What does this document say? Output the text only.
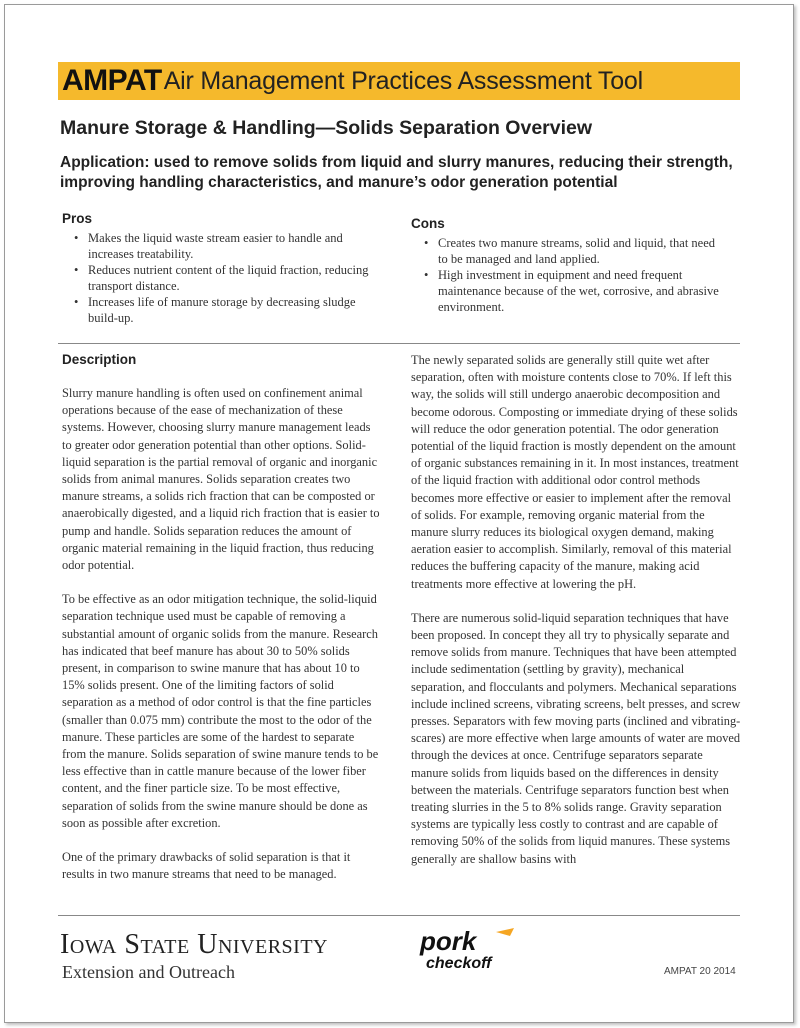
AMPAT Air Management Practices Assessment Tool
Manure Storage & Handling—Solids Separation Overview
Application: used to remove solids from liquid and slurry manures, reducing their strength, improving handling characteristics, and manure’s odor generation potential
Pros
• Makes the liquid waste stream easier to handle and increases treatability.
• Reduces nutrient content of the liquid fraction, reducing transport distance.
• Increases life of manure storage by decreasing sludge build-up.
Cons
• Creates two manure streams, solid and liquid, that need to be managed and land applied.
• High investment in equipment and need frequent maintenance because of the wet, corrosive, and abrasive environment.
Description

Slurry manure handling is often used on confinement animal operations because of the ease of mechanization of these systems. However, choosing slurry manure management leads to greater odor generation potential than other options. Solid-liquid separation is the partial removal of organic and inorganic solids from animal manures. Solids separation creates two manure streams, a solids rich fraction that can be composted or anaerobically digested, and a liquid rich fraction that is easier to pump and handle. Solids separation reduces the amount of organic material remaining in the liquid fraction, thus reducing odor potential.

To be effective as an odor mitigation technique, the solid-liquid separation technique used must be capable of removing a substantial amount of organic solids from the manure. Research has indicated that beef manure has about 30 to 50% solids present, in comparison to swine manure that has about 10 to 15% solids present. One of the limiting factors of solid separation as a method of odor control is that the fine particles (smaller than 0.075 mm) contribute the most to the odor of the manure. These particles are some of the hardest to separate from the manure. Solids separation of swine manure tends to be less effective than in cattle manure because of the lower fiber content, and the finer particle size. To be most effective, separation of solids from the swine manure should be done as soon as possible after excretion.

One of the primary drawbacks of solid separation is that it results in two manure streams that need to be managed.

The newly separated solids are generally still quite wet after separation, often with moisture contents close to 70%. If left this way, the solids will still undergo anaerobic decomposition and become odorous. Composting or immediate drying of these solids will reduce the odor generation potential. The odor generation potential of the liquid fraction is mostly dependent on the amount of organic substances remaining in it. In most instances, treatment of the liquid fraction with additional odor control methods becomes more effective or easier to implement after the removal of solids. For example, removing organic material from the manure slurry reduces its biological oxygen demand, making aeration easier to accomplish. Similarly, removal of this material reduces the buffering capacity of the manure, making acid treatments more effective at lowering the pH.

There are numerous solid-liquid separation techniques that have been proposed. In concept they all try to physically separate and remove solids from manure. Techniques that have been attempted include sedimentation (settling by gravity), mechanical separation, and flocculants and polymers. Mechanical separations include inclined screens, vibrating screens, belt presses, and screw presses. Separators with few moving parts (inclined and vibrating-scares) are more effective when large amounts of water are moved through the devices at once. Centrifuge separators separate manure solids from liquids based on the differences in density between the materials. Centrifuge separators function best when treating slurries in the 5 to 8% solids range. Gravity separation systems are typically less costly to contrast and are capable of removing 50% of the solids from liquid manures. These systems generally are shallow basins with

Iowa State University
Extension and Outreach
pork
checkoff	AMPAT 20 2014
